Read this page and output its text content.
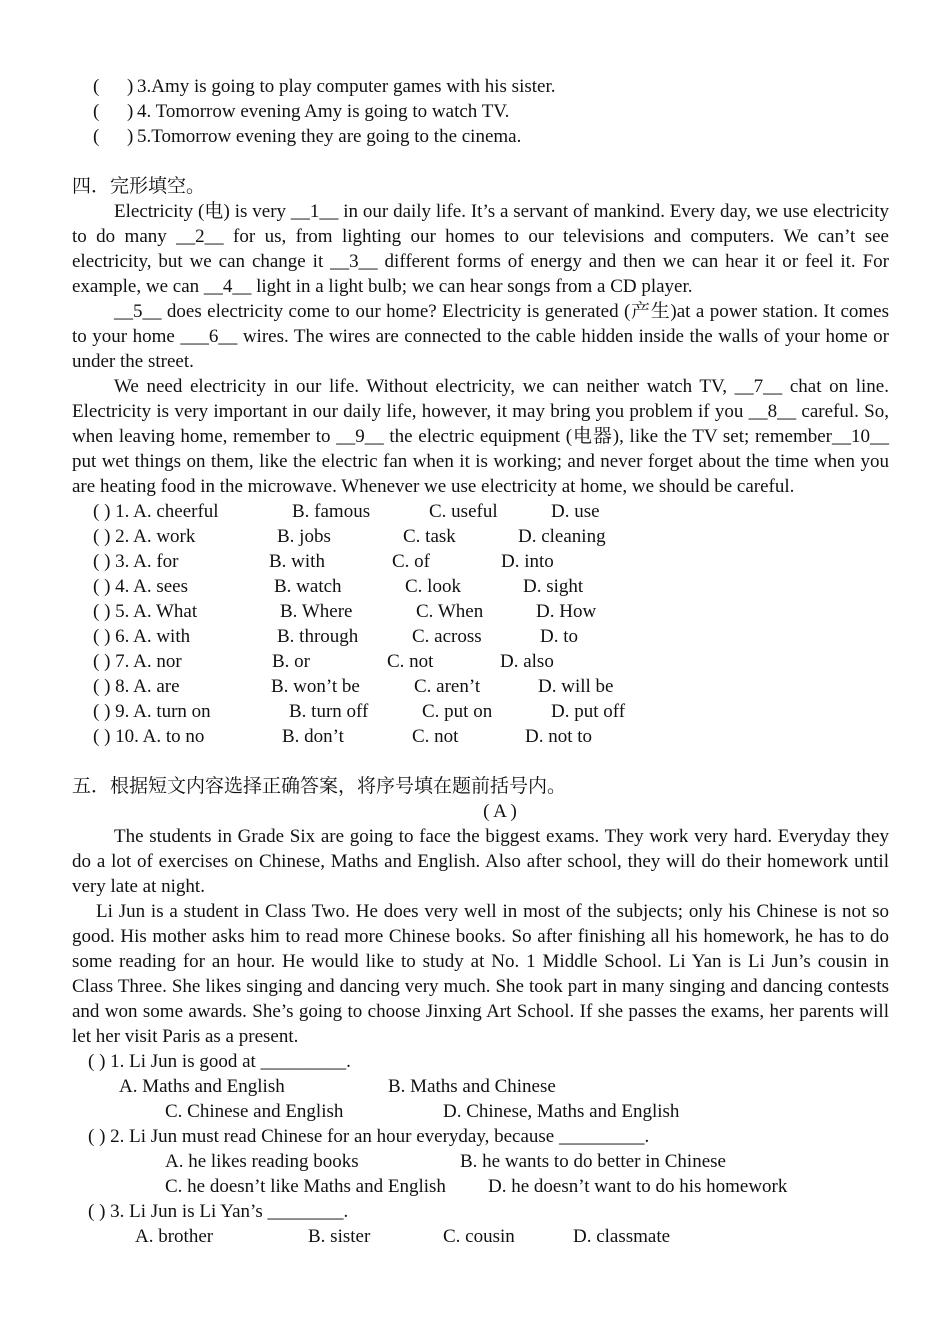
( ) 3.Amy is going to play computer games with his sister.
( ) 4. Tomorrow evening Amy is going to watch TV.
( ) 5.Tomorrow evening they are going to the cinema.
四．完形填空。
Electricity (电) is very __1__ in our daily life. It’s a servant of mankind. Every day, we use electricity to do many __2__ for us, from lighting our homes to our televisions and computers. We can’t see electricity, but we can change it __3__ different forms of energy and then we can hear it or feel it. For example, we can __4__ light in a light bulb; we can hear songs from a CD player.
__5__ does electricity come to our home? Electricity is generated (产生)at a power station. It comes to your home ___6__ wires. The wires are connected to the cable hidden inside the walls of your home or under the street.
We need electricity in our life. Without electricity, we can neither watch TV, __7__ chat on line. Electricity is very important in our daily life, however, it may bring you problem if you __8__ careful. So, when leaving home, remember to __9__ the electric equipment (电器), like the TV set; remember__10__ put wet things on them, like the electric fan when it is working; and never forget about the time when you are heating food in the microwave. Whenever we use electricity at home, we should be careful.
( ) 1. A. cheerful	B. famous	C. useful	D. use
( ) 2. A. work	B. jobs	C. task	D. cleaning
( ) 3. A. for	B. with	C. of	D. into
( ) 4. A. sees	B. watch	C. look	D. sight
( ) 5. A. What	B. Where	C. When	D. How
( ) 6. A. with	B. through	C. across	D. to
( ) 7. A. nor	B. or	C. not	D. also
( ) 8. A. are	B. won’t be	C. aren’t	D. will be
( ) 9. A. turn on	B. turn off	C. put on	D. put off
( ) 10. A. to no	B. don’t	C. not	D. not to
五．根据短文内容选择正确答案，将序号填在题前括号内。
( A )
The students in Grade Six are going to face the biggest exams. They work very hard. Everyday they do a lot of exercises on Chinese, Maths and English. Also after school, they will do their homework until very late at night.
Li Jun is a student in Class Two. He does very well in most of the subjects; only his Chinese is not so good. His mother asks him to read more Chinese books. So after finishing all his homework, he has to do some reading for an hour. He would like to study at No. 1 Middle School. Li Yan is Li Jun’s cousin in Class Three. She likes singing and dancing very much. She took part in many singing and dancing contests and won some awards. She’s going to choose Jinxing Art School. If she passes the exams, her parents will let her visit Paris as a present.
( ) 1. Li Jun is good at _________.
A. Maths and English	B. Maths and Chinese
C. Chinese and English	D. Chinese, Maths and English
( ) 2. Li Jun must read Chinese for an hour everyday, because _________.
A. he likes reading books	B. he wants to do better in Chinese
C. he doesn’t like Maths and English D. he doesn’t want to do his homework
( ) 3. Li Jun is Li Yan’s ________.
A. brother	B. sister	C. cousin	D. classmate
